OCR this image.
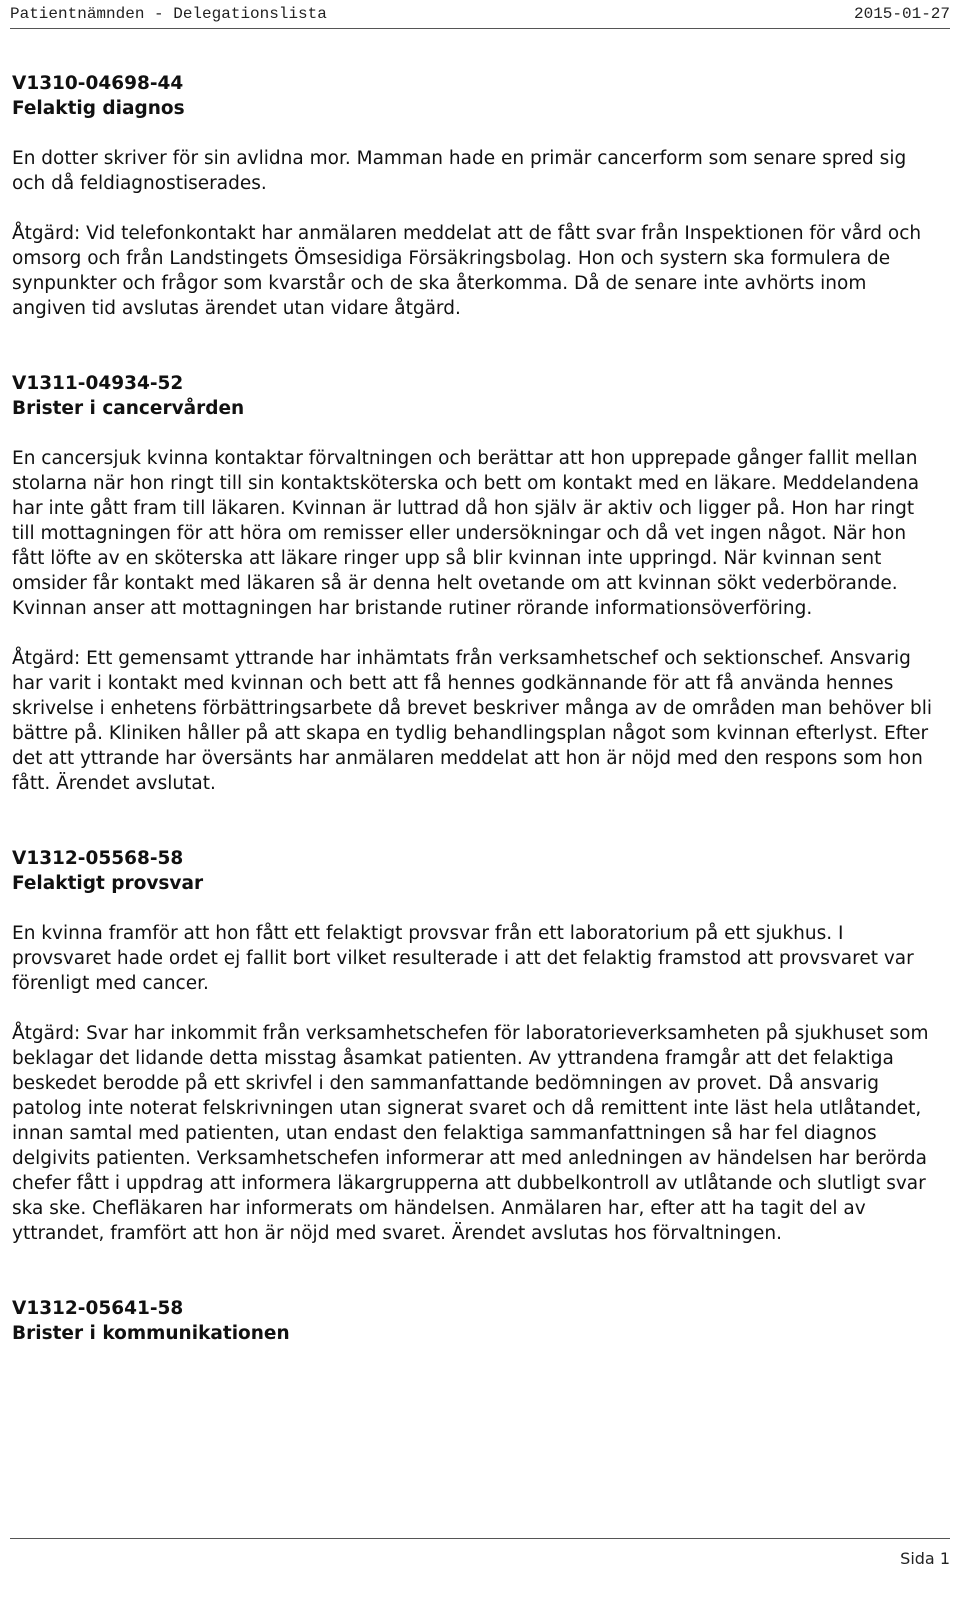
Patientnämnden - Delegationslista	2015-01-27
V1310-04698-44
Felaktig diagnos

En dotter skriver för sin avlidna mor. Mamman hade en primär cancerform som senare spred sig och då feldiagnostiserades.

Åtgärd: Vid telefonkontakt har anmälaren meddelat att de fått svar från Inspektionen för vård och omsorg och från Landstingets Ömsesidiga Försäkringsbolag. Hon och systern ska formulera de synpunkter och frågor som kvarstår och de ska återkomma. Då de senare inte avhörts inom angiven tid avslutas ärendet utan vidare åtgärd.

V1311-04934-52
Brister i cancervården

En cancersjuk kvinna kontaktar förvaltningen och berättar att hon upprepade gånger fallit mellan stolarna när hon ringt till sin kontaktsköterska och bett om kontakt med en läkare. Meddelandena har inte gått fram till läkaren. Kvinnan är luttrad då hon själv är aktiv och ligger på. Hon har ringt till mottagningen för att höra om remisser eller undersökningar och då vet ingen något. När hon fått löfte av en sköterska att läkare ringer upp så blir kvinnan inte uppringd. När kvinnan sent omsider får kontakt med läkaren så är denna helt ovetande om att kvinnan sökt vederbörande. Kvinnan anser att mottagningen har bristande rutiner rörande informationsöverföring.

Åtgärd: Ett gemensamt yttrande har inhämtats från verksamhetschef och sektionschef. Ansvarig har varit i kontakt med kvinnan och bett att få hennes godkännande för att få använda hennes skrivelse i enhetens förbättringsarbete då brevet beskriver många av de områden man behöver bli bättre på. Kliniken håller på att skapa en tydlig behandlingsplan något som kvinnan efterlyst. Efter det att yttrande har översänts har anmälaren meddelat att hon är nöjd med den respons som hon fått. Ärendet avslutat.

V1312-05568-58
Felaktigt provsvar

En kvinna framför att hon fått ett felaktigt provsvar från ett laboratorium på ett sjukhus. I provsvaret hade ordet ej fallit bort vilket resulterade i att det felaktig framstod att provsvaret var förenligt med cancer.

Åtgärd: Svar har inkommit från verksamhetschefen för laboratorieverksamheten på sjukhuset som beklagar det lidande detta misstag åsamkat patienten. Av yttrandena framgår att det felaktiga beskedet berodde på ett skrivfel i den sammanfattande bedömningen av provet. Då ansvarig patolog inte noterat felskrivningen utan signerat svaret och då remittent inte läst hela utlåtandet, innan samtal med patienten, utan endast den felaktiga sammanfattningen så har fel diagnos delgivits patienten. Verksamhetschefen informerar att med anledningen av händelsen har berörda chefer fått i uppdrag att informera läkargrupperna att dubbelkontroll av utlåtande och slutligt svar ska ske. Chefläkaren har informerats om händelsen. Anmälaren har, efter att ha tagit del av yttrandet, framfört att hon är nöjd med svaret. Ärendet avslutas hos förvaltningen.

V1312-05641-58
Brister i kommunikationen
Sida 1
